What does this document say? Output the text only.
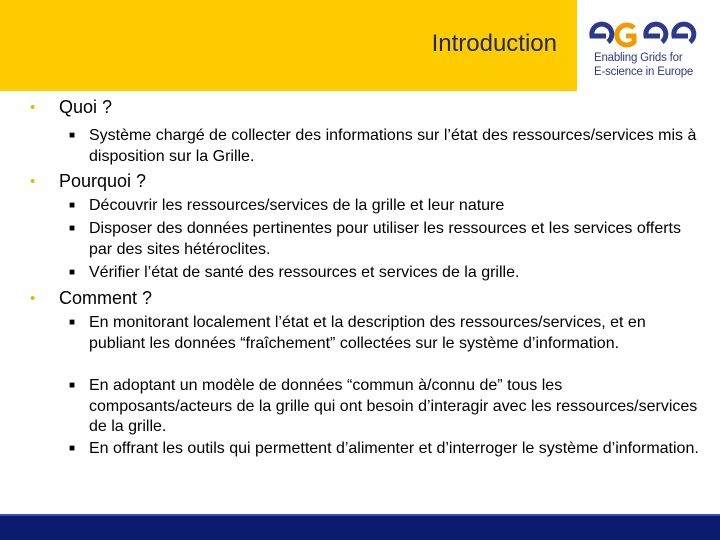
Introduction
Enabling Grids for
E-science in Europe
• Quoi ?
■ Système chargé de collecter des informations sur l’état des ressources/services mis à disposition sur la Grille.
• Pourquoi ?
■ Découvrir les ressources/services de la grille et leur nature
■ Disposer des données pertinentes pour utiliser les ressources et les services offerts par des sites hétéroclites.
■ Vérifier l’état de santé des ressources et services de la grille.
• Comment ?
■ En monitorant localement l’état et la description des ressources/services, et en publiant les données “fraîchement” collectées sur le système d’information.
■ En adoptant un modèle de données “commun à/connu de” tous les composants/acteurs de la grille qui ont besoin d’interagir avec les ressources/services de la grille.
■ En offrant les outils qui permettent d’alimenter et d’interroger le système d’information.
